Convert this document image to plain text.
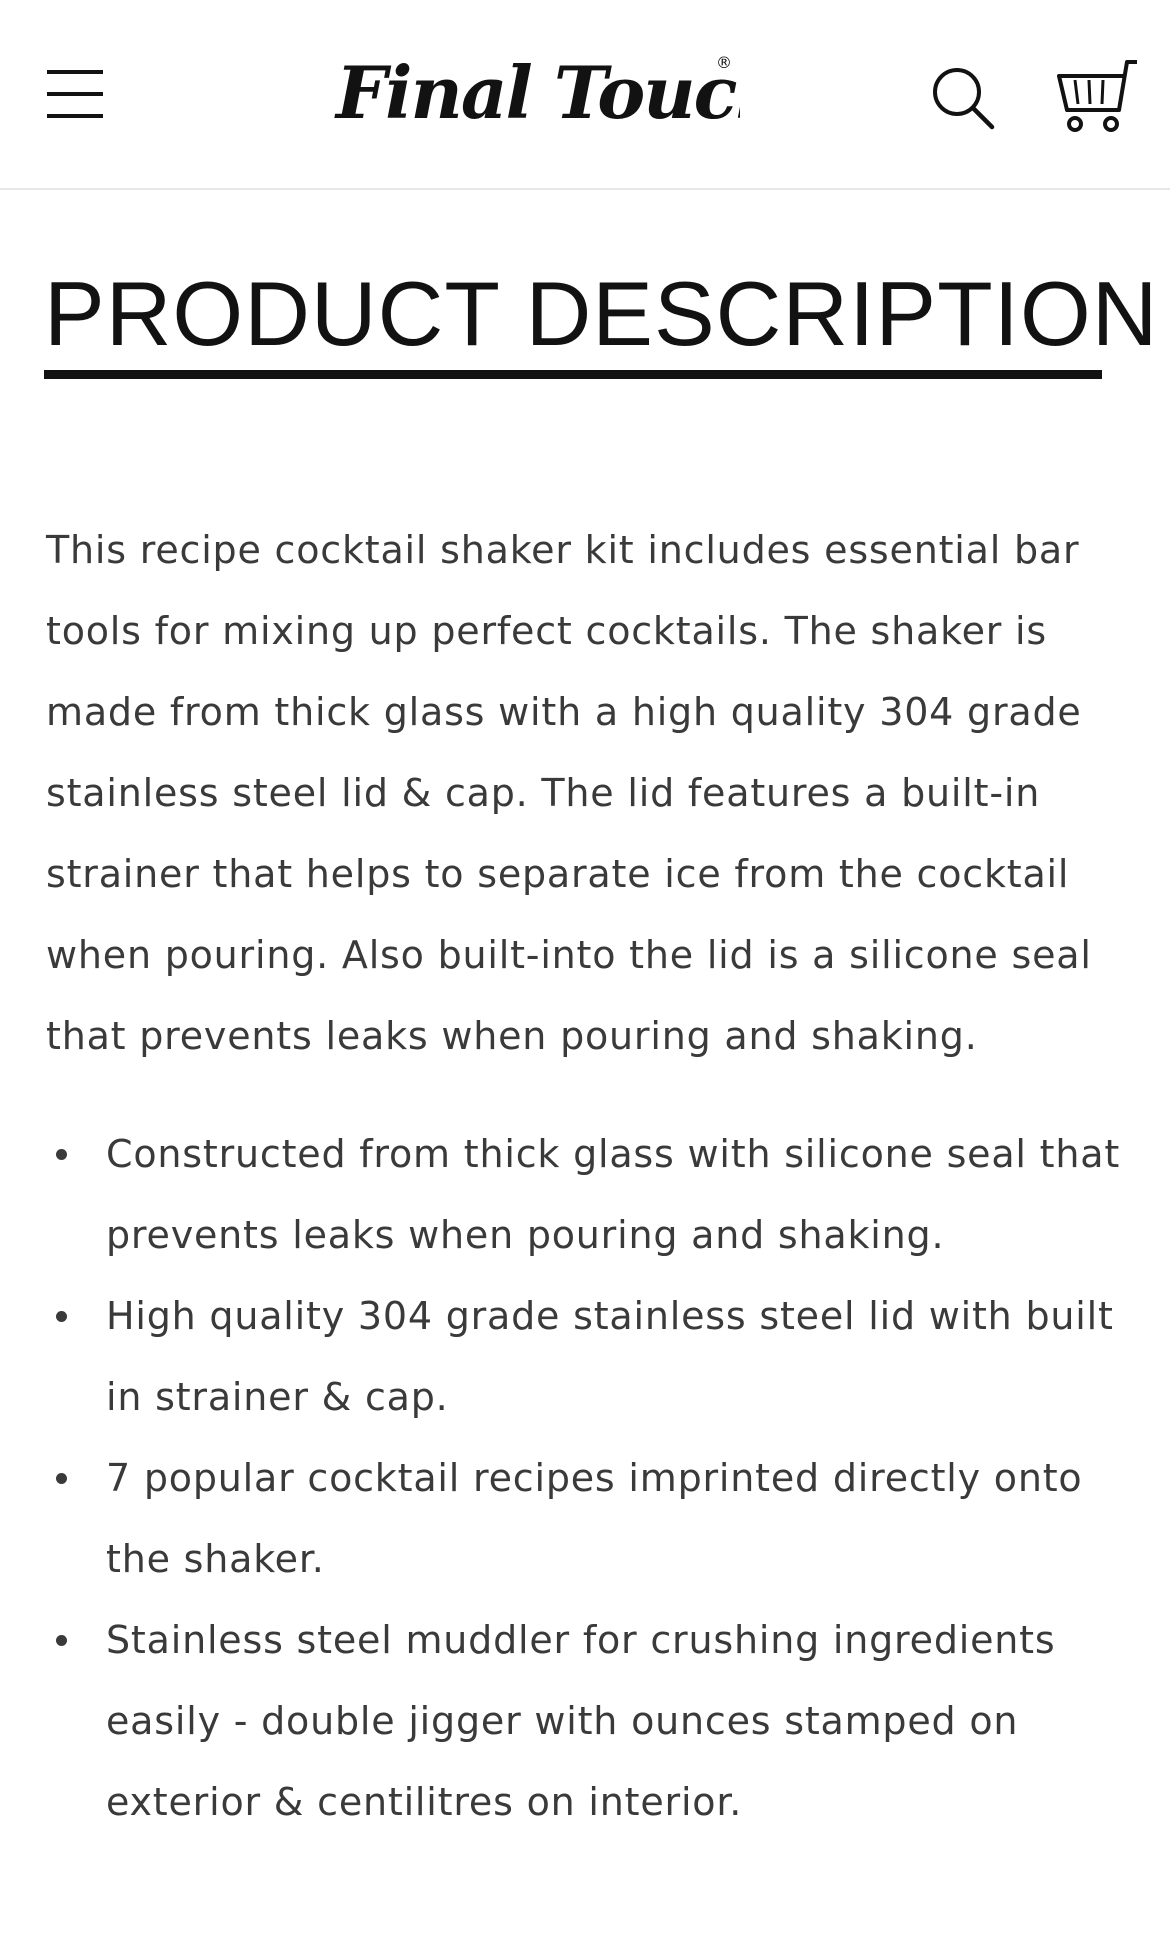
Final Touc
®
PRODUCT DESCRIPTION

This recipe cocktail shaker kit includes essential bar tools for mixing up perfect cocktails. The shaker is made from thick glass with a high quality 304 grade stainless steel lid & cap. The lid features a built-in strainer that helps to separate ice from the cocktail when pouring. Also built-into the lid is a silicone seal that prevents leaks when pouring and shaking.

Constructed from thick glass with silicone seal that prevents leaks when pouring and shaking.
High quality 304 grade stainless steel lid with built in strainer & cap.
7 popular cocktail recipes imprinted directly onto the shaker.
Stainless steel muddler for crushing ingredients easily - double jigger with ounces stamped on exterior & centilitres on interior.
